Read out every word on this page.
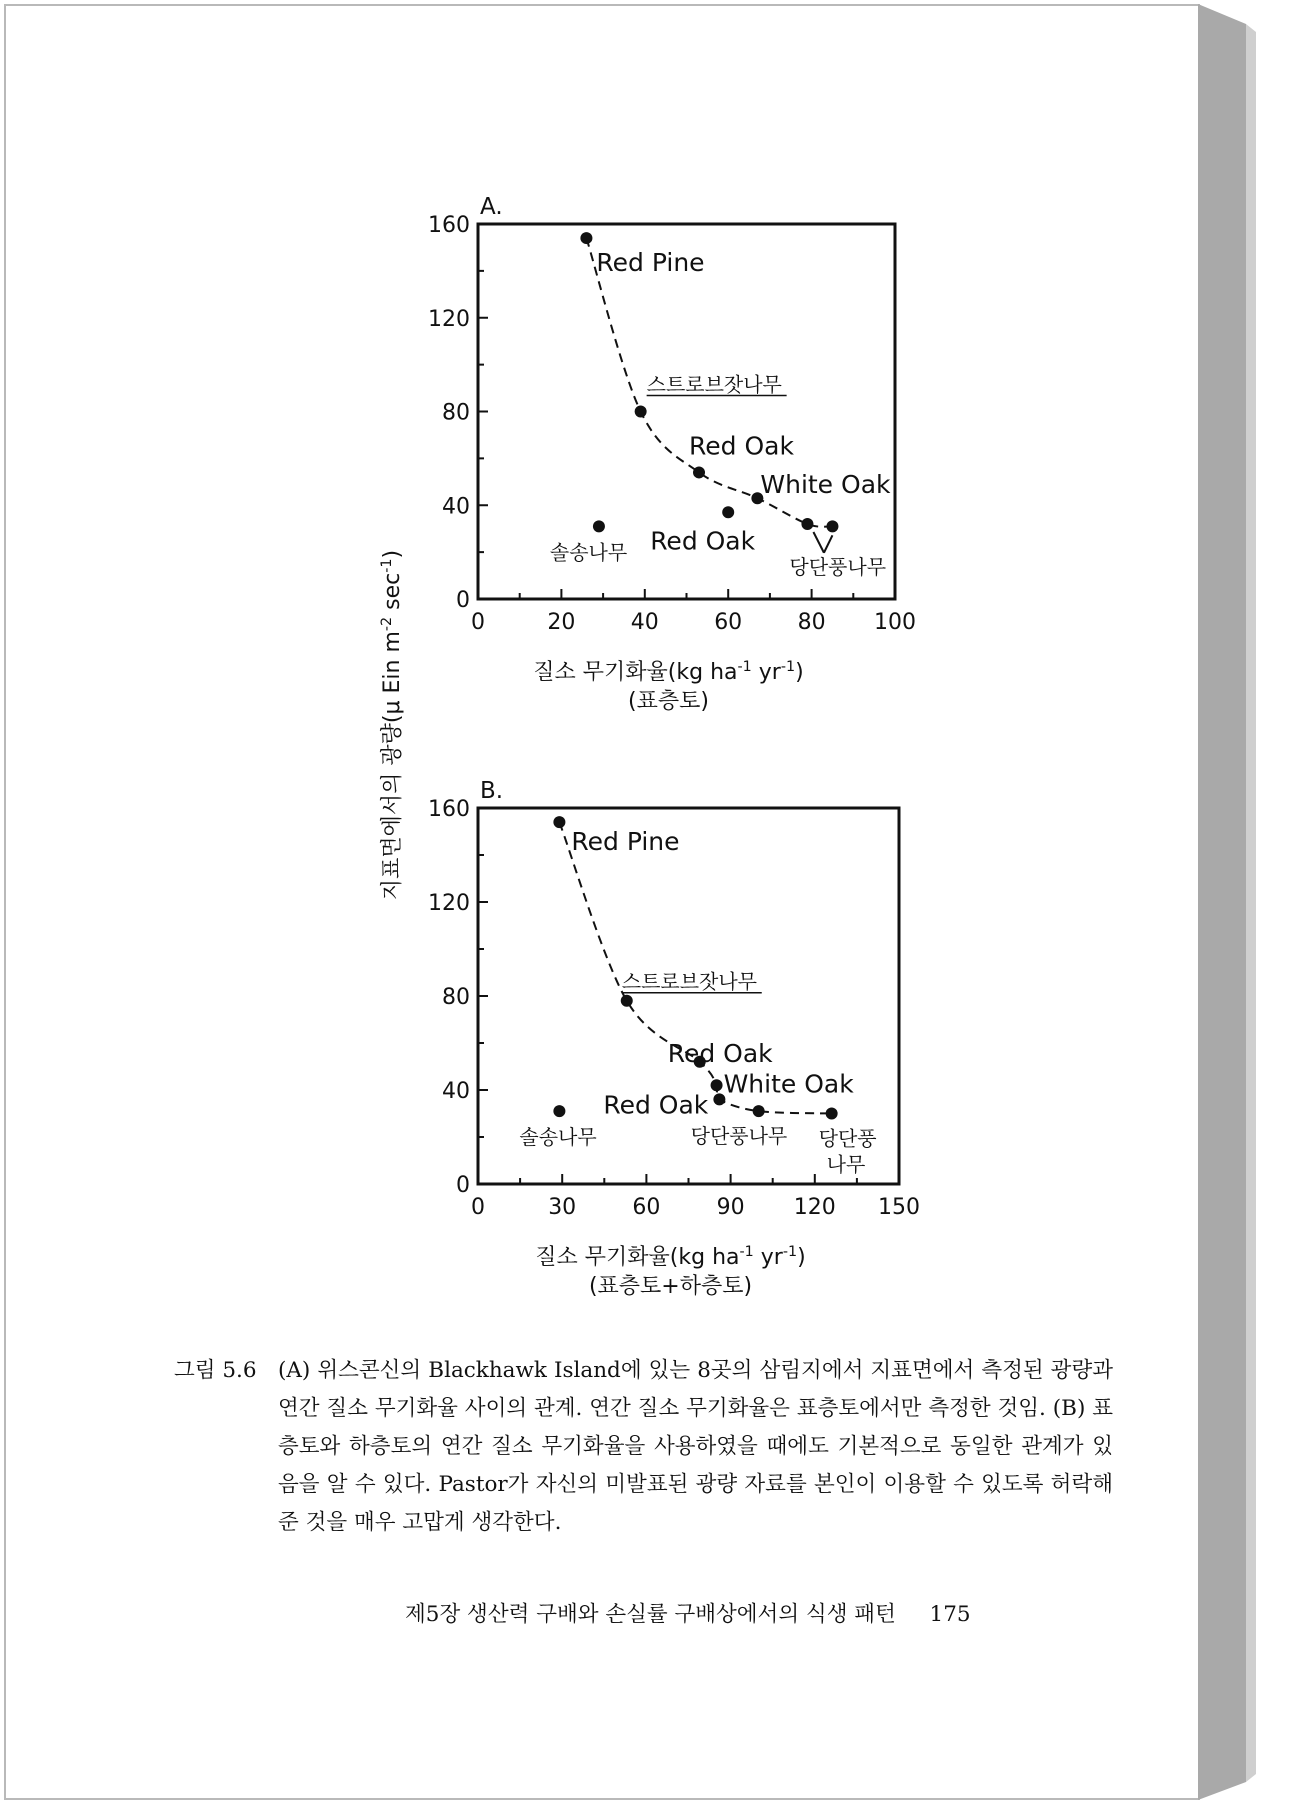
A.
0	20	40	60	80 100
0
40
80
120
160
Red Pine
스트로브잣나무
Red Oak
White Oak
Red Oak
솔송나무
당단풍나무
질소 무기화율(kg $ha^{-1}$ $yr^{-1}$)
(표층토)
B.
0	30	60	90 120 150
0
40
80
120
160
Red Pine
스트로브잣나무
Red Oak
White Oak
Red Oak
솔송나무	당단풍나무 당단풍 나무
질소 무기화율(kg $ha^{-1}$ $yr^{-1}$)
(표층토+하층토)
지표면에서의 광량(μ Ein $m^{-2}$ $\sec^{-1}$)
그림 5.6 (A) 위스콘신의 Blackhawk Island에 있는 8곳의 삼림지에서 지표면에서 측정된 광량과 연간 질소 무기화율 사이의 관계. 연간 질소 무기화율은 표층토에서만 측정한 것임. (B) 표층토와 하층토의 연간 질소 무기화율을 사용하였을 때에도 기본적으로 동일한 관계가 있음을 알 수 있다. Pastor가 자신의 미발표된 광량 자료를 본인이 이용할 수 있도록 허락해 준 것을 매우 고맙게 생각한다.
제5장 생산력 구배와 손실률 구배상에서의 식생 패턴 175
